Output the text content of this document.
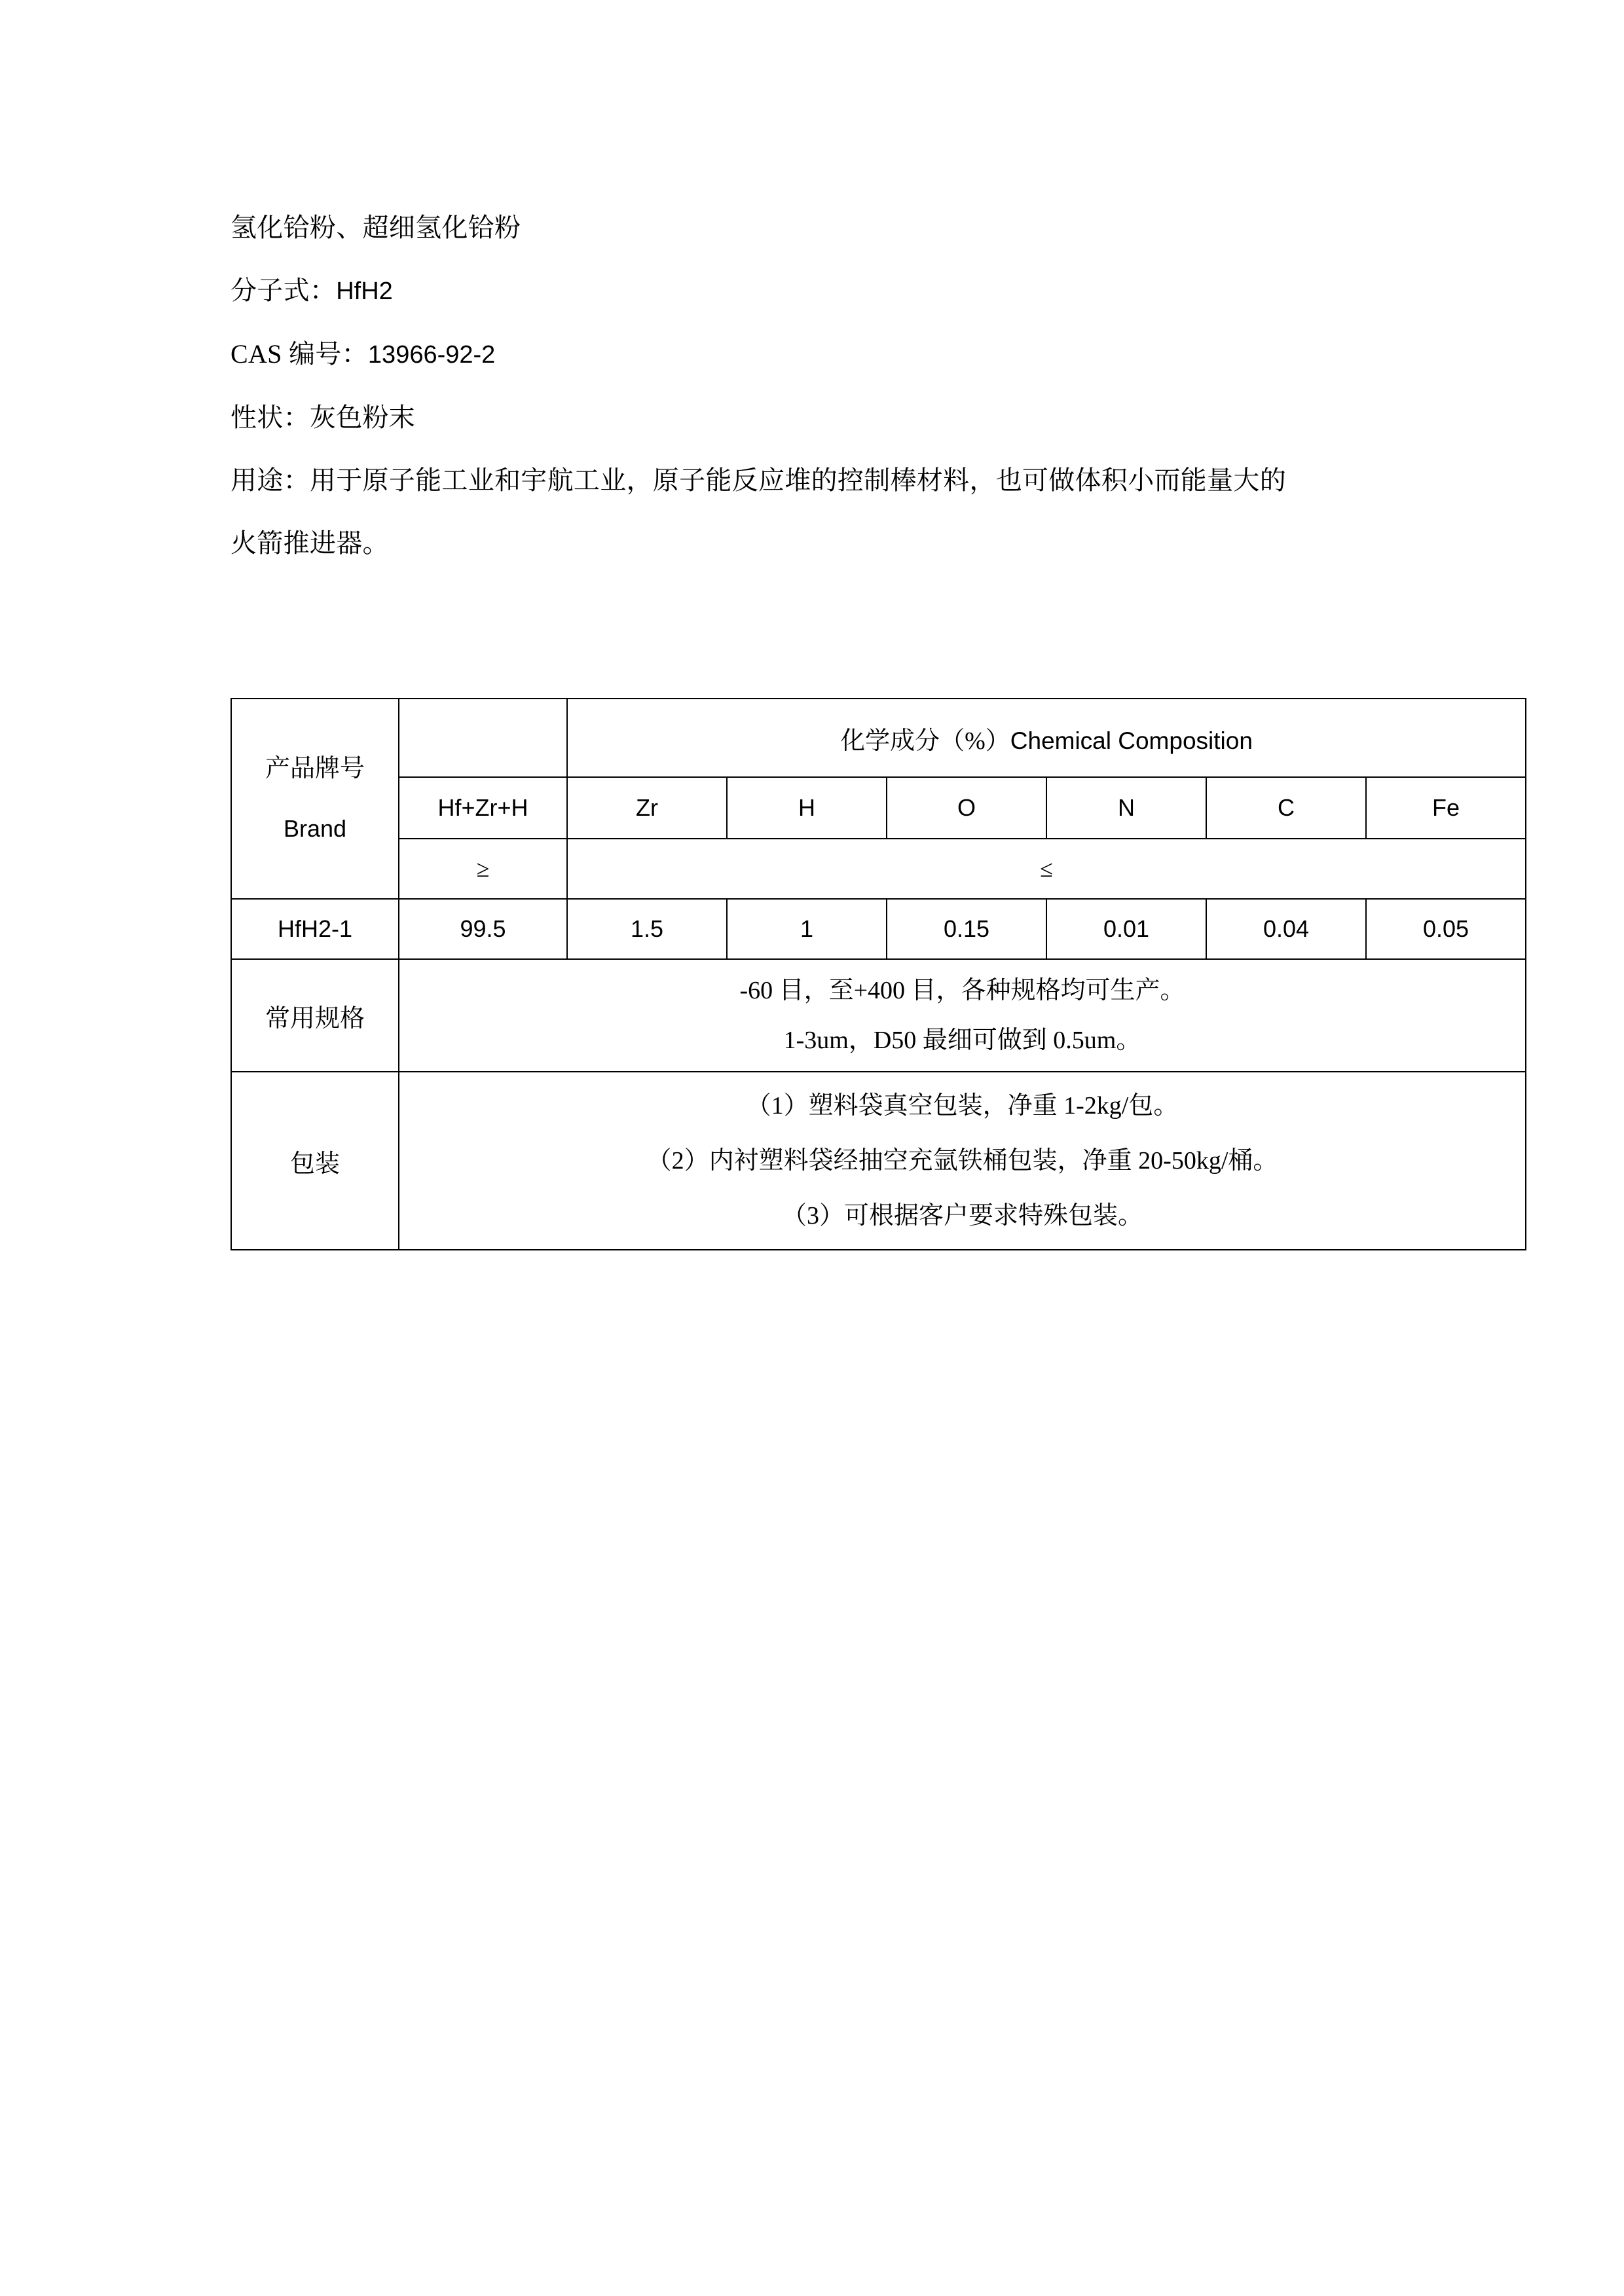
氢化铪粉、超细氢化铪粉
分子式：HfH2
CAS 编号：13966-92-2
性状：灰色粉末
用途：用于原子能工业和宇航工业，原子能反应堆的控制棒材料，也可做体积小而能量大的
火箭推进器。
产品牌号
Brand		化学成分（%）Chemical Composition					
	Hf+Zr+H	Zr	H	O	N	C	Fe
	≥	≤					
HfH2-1	99.5	1.5	1	0.15	0.01	0.04	0.05
常用规格	-60 目，至+400 目，各种规格均可生产。
1-3um，D50 最细可做到 0.5um。						

包装	（1）塑料袋真空包装，净重 1-2kg/包。
（2）内衬塑料袋经抽空充氩铁桶包装，净重 20-50kg/桶。
（3）可根据客户要求特殊包装。						
